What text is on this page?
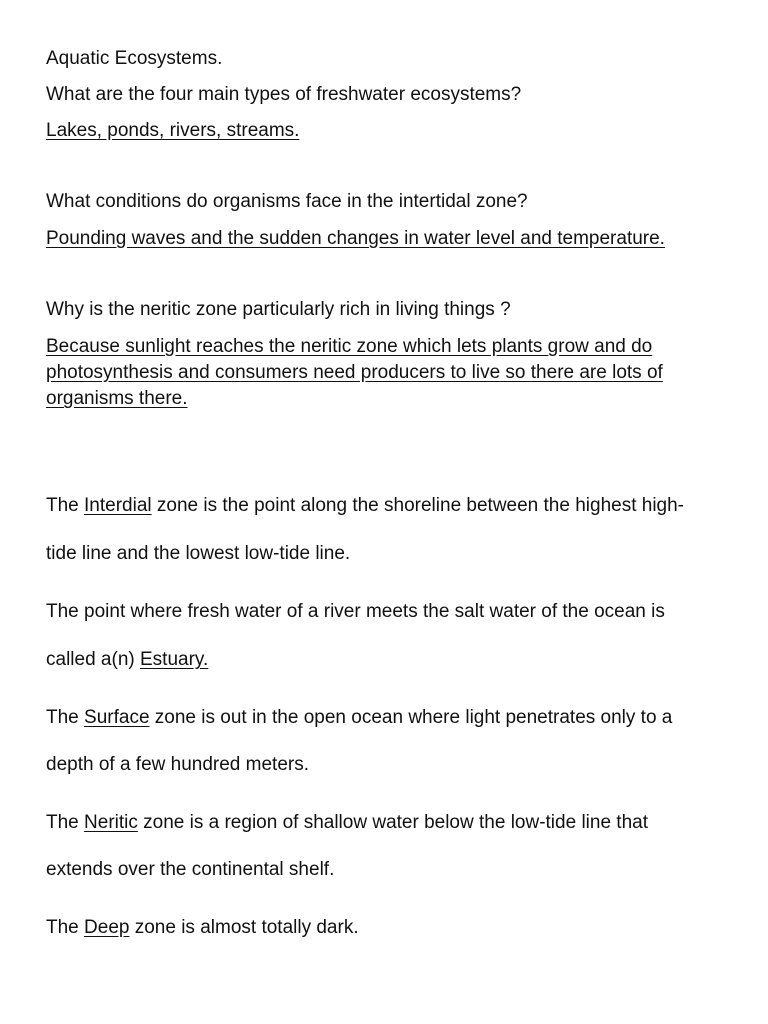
Aquatic Ecosystems.
What are the four main types of freshwater ecosystems?
Lakes, ponds, rivers, streams.
What conditions do organisms face in the intertidal zone?
Pounding waves and the sudden changes in water level and temperature.
Why is the neritic zone particularly rich in living things ?
Because sunlight reaches the neritic zone which lets plants grow and do
photosynthesis and consumers need producers to live so there are lots of
organisms there.
The Interdial zone is the point along the shoreline between the highest high-
tide line and the lowest low-tide line.
The point where fresh water of a river meets the salt water of the ocean is
called a(n) Estuary.
The Surface zone is out in the open ocean where light penetrates only to a
depth of a few hundred meters.
The Neritic zone is a region of shallow water below the low-tide line that
extends over the continental shelf.
The Deep zone is almost totally dark.
